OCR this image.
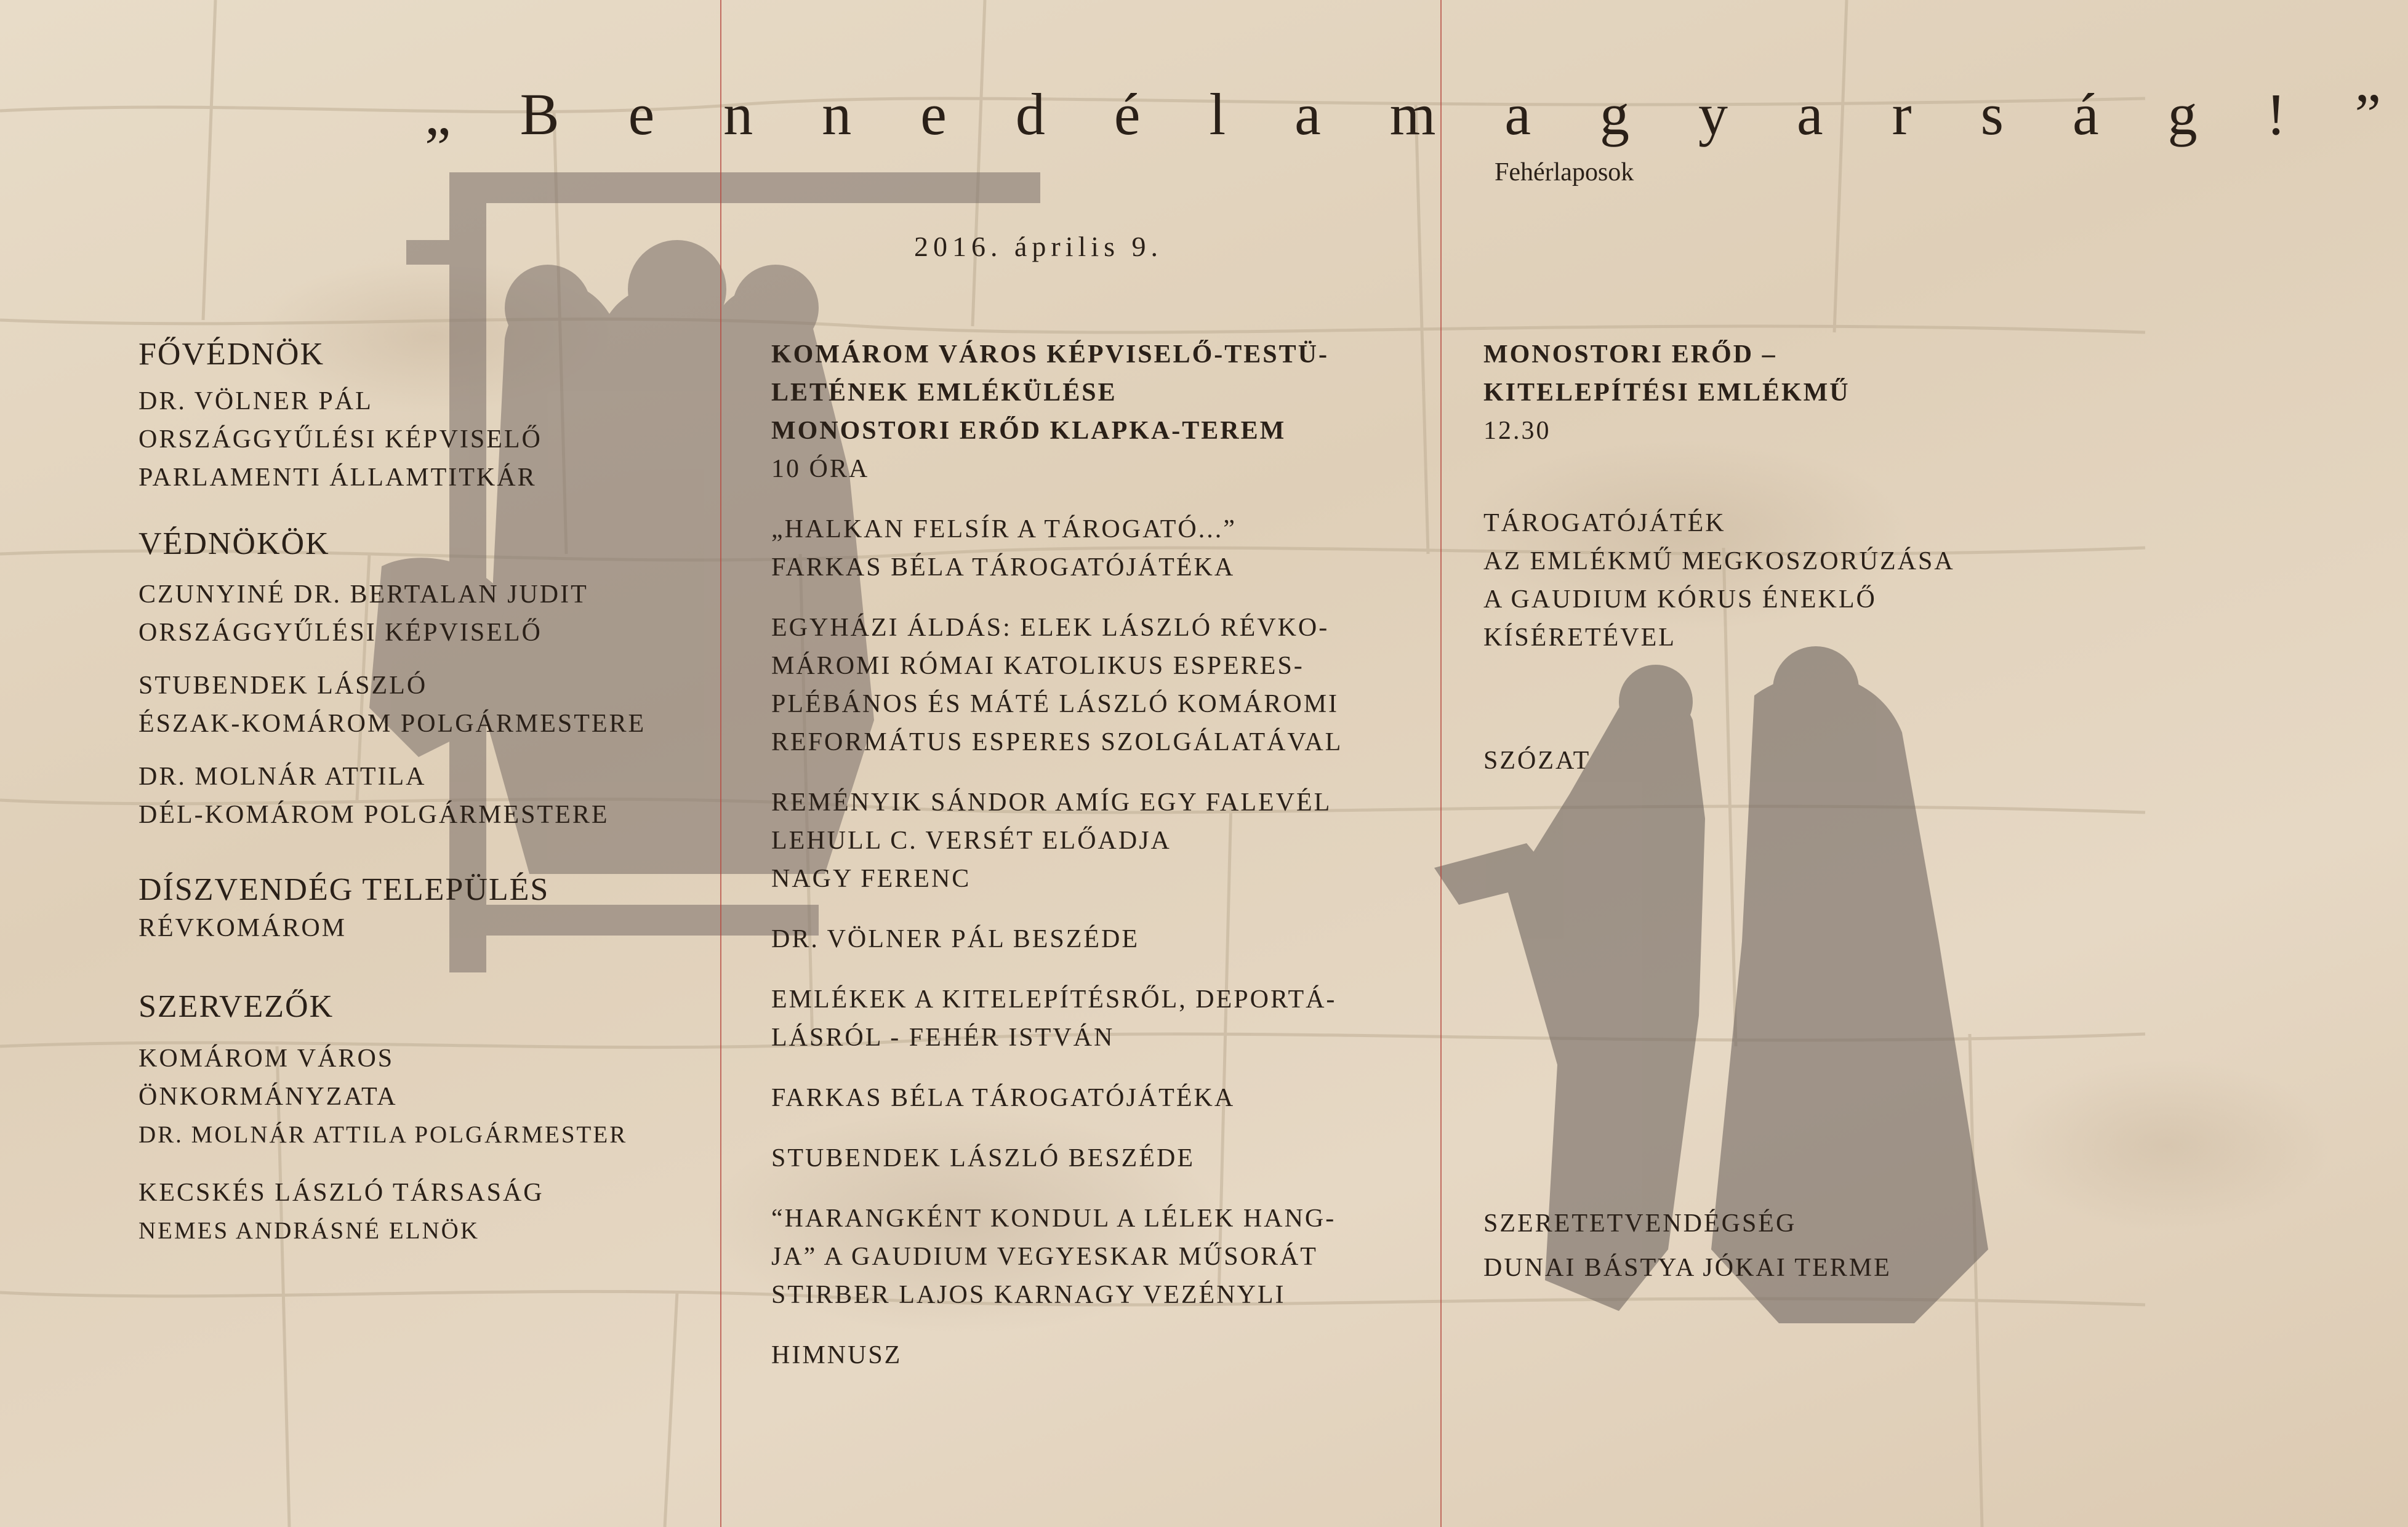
„ B e n n e d é l a m a g y a r s á g ! ”
Fehérlaposok
2016. április 9.
FŐVÉDNÖK
DR. VÖLNER PÁL
ORSZÁGGYŰLÉSI KÉPVISELŐ
PARLAMENTI ÁLLAMTITKÁR
VÉDNÖKÖK
CZUNYINÉ DR. BERTALAN JUDIT
ORSZÁGGYŰLÉSI KÉPVISELŐ
STUBENDEK LÁSZLÓ
ÉSZAK-KOMÁROM POLGÁRMESTERE
DR. MOLNÁR ATTILA
DÉL-KOMÁROM POLGÁRMESTERE
DÍSZVENDÉG TELEPÜLÉS
RÉVKOMÁROM
SZERVEZŐK
KOMÁROM VÁROS
ÖNKORMÁNYZATA
DR. MOLNÁR ATTILA POLGÁRMESTER
KECSKÉS LÁSZLÓ TÁRSASÁG
NEMES ANDRÁSNÉ ELNÖK
KOMÁROM VÁROS KÉPVISELŐ-TESTÜ-
LETÉNEK EMLÉKÜLÉSE
MONOSTORI ERŐD KLAPKA-TEREM
10 ÓRA
„HALKAN FELSÍR A TÁROGATÓ...”
FARKAS BÉLA TÁROGATÓJÁTÉKA
EGYHÁZI ÁLDÁS: ELEK LÁSZLÓ RÉVKO-
MÁROMI RÓMAI KATOLIKUS ESPERES-
PLÉBÁNOS ÉS MÁTÉ LÁSZLÓ KOMÁROMI
REFORMÁTUS ESPERES SZOLGÁLATÁVAL
REMÉNYIK SÁNDOR AMÍG EGY FALEVÉL
LEHULL C. VERSÉT ELŐADJA
NAGY FERENC
DR. VÖLNER PÁL BESZÉDE
EMLÉKEK A KITELEPÍTÉSRŐL, DEPORTÁ-
LÁSRÓL - FEHÉR ISTVÁN
FARKAS BÉLA TÁROGATÓJÁTÉKA
STUBENDEK LÁSZLÓ BESZÉDE
“HARANGKÉNT KONDUL A LÉLEK HANG-
JA” A GAUDIUM VEGYESKAR MŰSORÁT
STIRBER LAJOS KARNAGY VEZÉNYLI
HIMNUSZ
MONOSTORI ERŐD –
KITELEPÍTÉSI EMLÉKMŰ
12.30
TÁROGATÓJÁTÉK
AZ EMLÉKMŰ MEGKOSZORÚZÁSA
A GAUDIUM KÓRUS ÉNEKLŐ
KÍSÉRETÉVEL
SZÓZAT
SZERETETVENDÉGSÉG
DUNAI BÁSTYA JÓKAI TERME
